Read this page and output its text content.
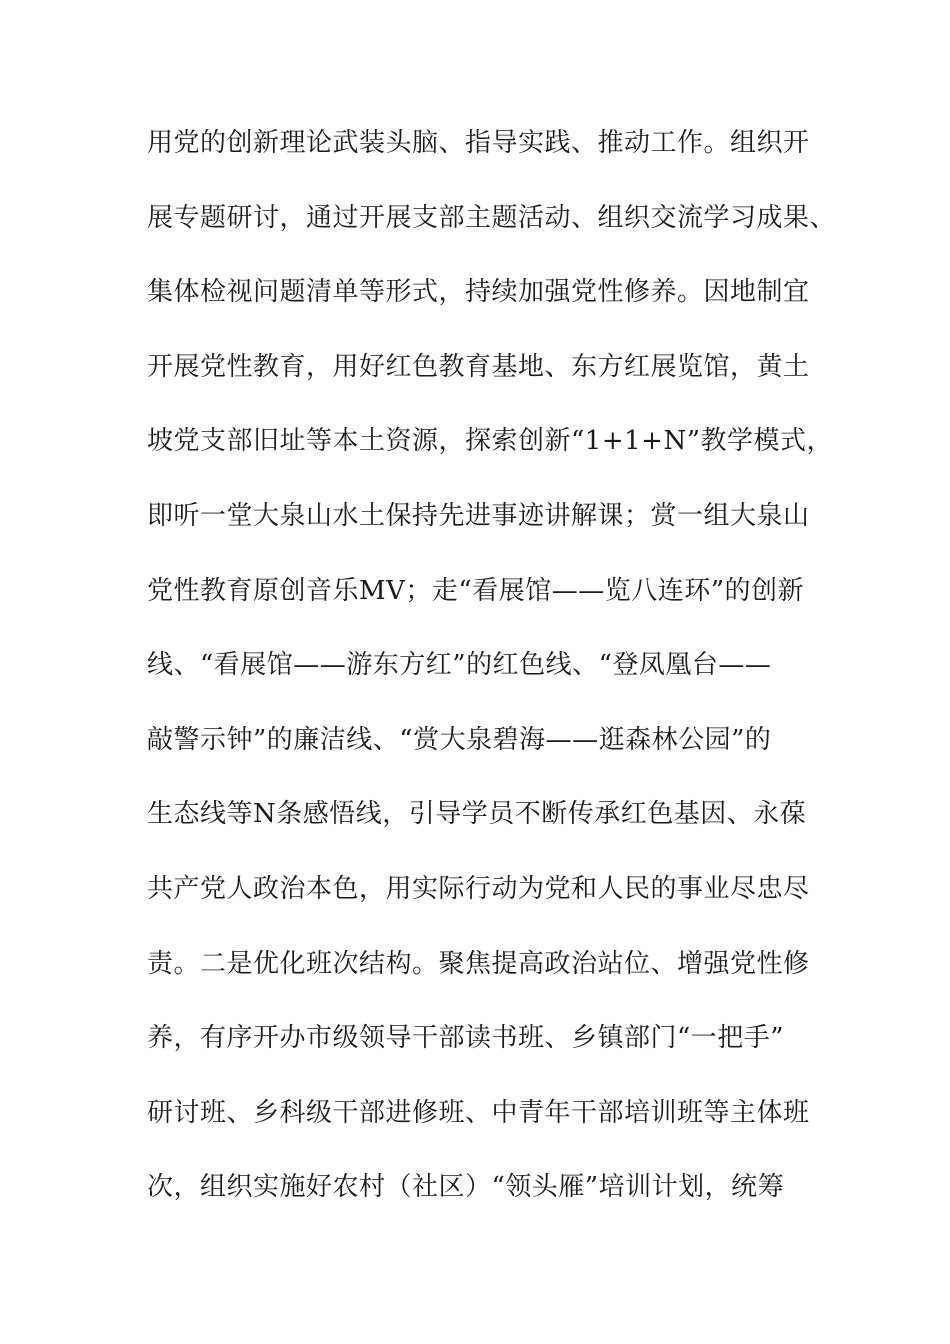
用党的创新理论武装头脑、指导实践、推动工作。组织开
展专题研讨，通过开展支部主题活动、组织交流学习成果、
集体检视问题清单等形式，持续加强党性修养。因地制宜
开展党性教育，用好红色教育基地、东方红展览馆，黄土
坡党支部旧址等本土资源，探索创新“1+1+N”教学模式，
即听一堂大泉山水土保持先进事迹讲解课；赏一组大泉山
党性教育原创音乐MV；走“看展馆——览八连环”的创新
线、“看展馆——游东方红”的红色线、“登凤凰台——
敲警示钟”的廉洁线、“赏大泉碧海——逛森林公园”的
生态线等N条感悟线，引导学员不断传承红色基因、永葆
共产党人政治本色，用实际行动为党和人民的事业尽忠尽
责。二是优化班次结构。聚焦提高政治站位、增强党性修
养，有序开办市级领导干部读书班、乡镇部门“一把手”
研讨班、乡科级干部进修班、中青年干部培训班等主体班
次，组织实施好农村（社区）“领头雁”培训计划，统筹
